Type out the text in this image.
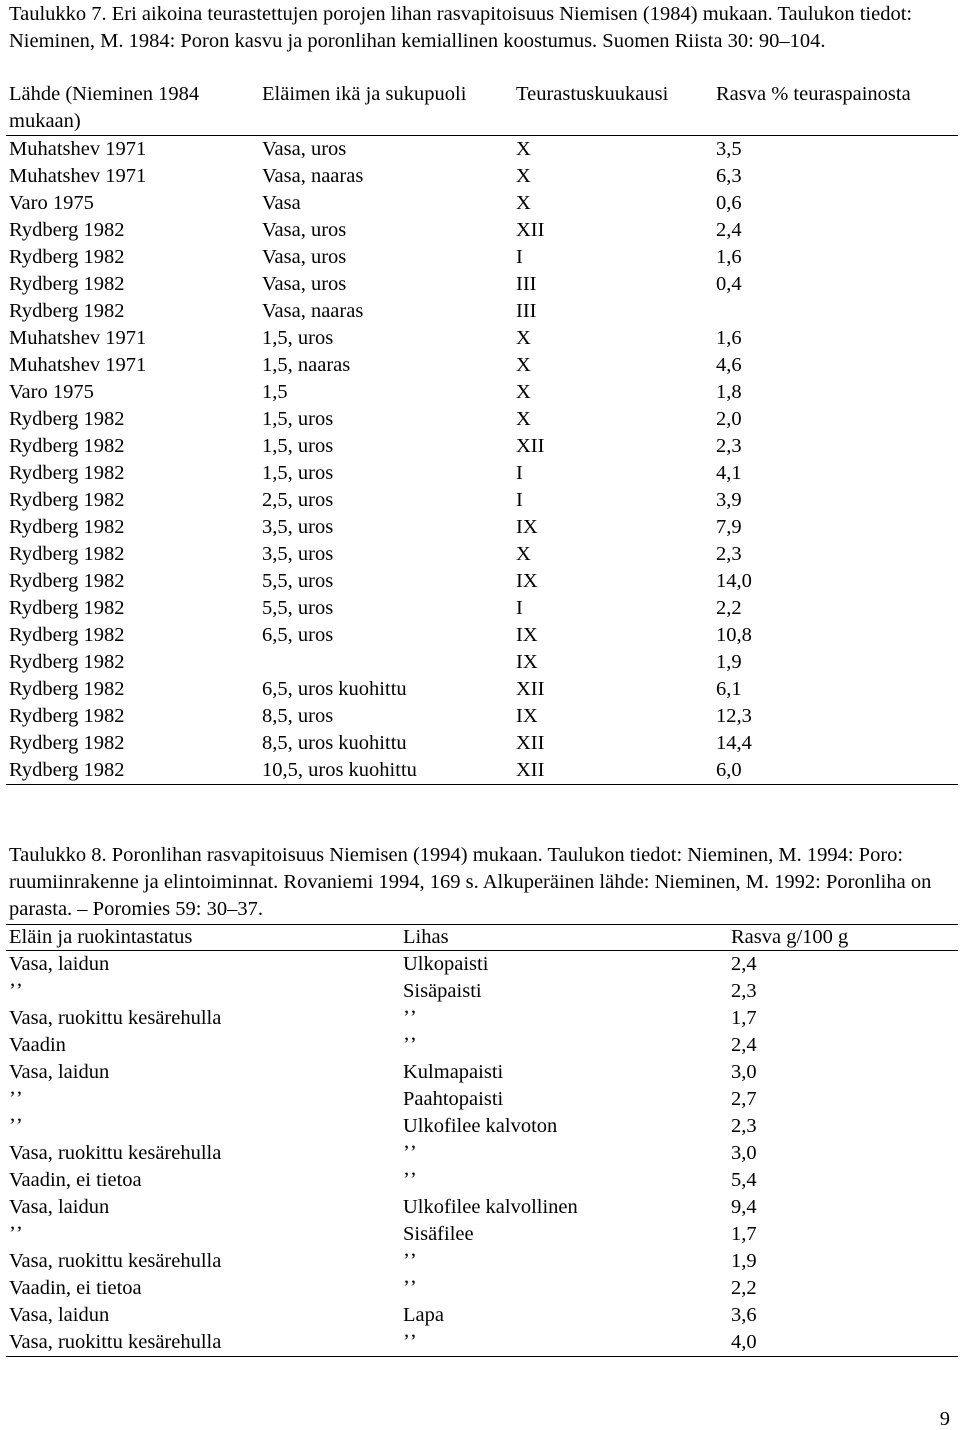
Taulukko 7. Eri aikoina teurastettujen porojen lihan rasvapitoisuus Niemisen (1984) mukaan. Taulukon tiedot: Nieminen, M. 1984: Poron kasvu ja poronlihan kemiallinen koostumus. Suomen Riista 30: 90–104.

Lähde (Nieminen 1984	Eläimen ikä ja sukupuoli	Teurastuskuukausi	Rasva % teuraspainosta
mukaan)			
Muhatshev 1971	Vasa, uros	X	3,5
Muhatshev 1971	Vasa, naaras	X	6,3
Varo 1975	Vasa	X	0,6
Rydberg 1982	Vasa, uros	XII	2,4
Rydberg 1982	Vasa, uros	I	1,6
Rydberg 1982	Vasa, uros	III	0,4
Rydberg 1982	Vasa, naaras	III	
Muhatshev 1971	1,5, uros	X	1,6
Muhatshev 1971	1,5, naaras	X	4,6
Varo 1975	1,5	X	1,8
Rydberg 1982	1,5, uros	X	2,0
Rydberg 1982	1,5, uros	XII	2,3
Rydberg 1982	1,5, uros	I	4,1
Rydberg 1982	2,5, uros	I	3,9
Rydberg 1982	3,5, uros	IX	7,9
Rydberg 1982	3,5, uros	X	2,3
Rydberg 1982	5,5, uros	IX	14,0
Rydberg 1982	5,5, uros	I	2,2
Rydberg 1982	6,5, uros	IX	10,8
Rydberg 1982		IX	1,9
Rydberg 1982	6,5, uros kuohittu	XII	6,1
Rydberg 1982	8,5, uros	IX	12,3
Rydberg 1982	8,5, uros kuohittu	XII	14,4
Rydberg 1982	10,5, uros kuohittu	XII	6,0

Taulukko 8. Poronlihan rasvapitoisuus Niemisen (1994) mukaan. Taulukon tiedot: Nieminen, M. 1994: Poro: ruumiinrakenne ja elintoiminnat. Rovaniemi 1994, 169 s. Alkuperäinen lähde: Nieminen, M. 1992: Poronliha on parasta. – Poromies 59: 30–37.

Eläin ja ruokintastatus	Lihas	Rasva g/100 g
Vasa, laidun	Ulkopaisti	2,4
ʼʼ	Sisäpaisti	2,3
Vasa, ruokittu kesärehulla	ʼʼ	1,7
Vaadin	ʼʼ	2,4
Vasa, laidun	Kulmapaisti	3,0
ʼʼ	Paahtopaisti	2,7
ʼʼ	Ulkofilee kalvoton	2,3
Vasa, ruokittu kesärehulla	ʼʼ	3,0
Vaadin, ei tietoa	ʼʼ	5,4
Vasa, laidun	Ulkofilee kalvollinen	9,4
ʼʼ	Sisäfilee	1,7
Vasa, ruokittu kesärehulla	ʼʼ	1,9
Vaadin, ei tietoa	ʼʼ	2,2
Vasa, laidun	Lapa	3,6
Vasa, ruokittu kesärehulla	ʼʼ	4,0
9
